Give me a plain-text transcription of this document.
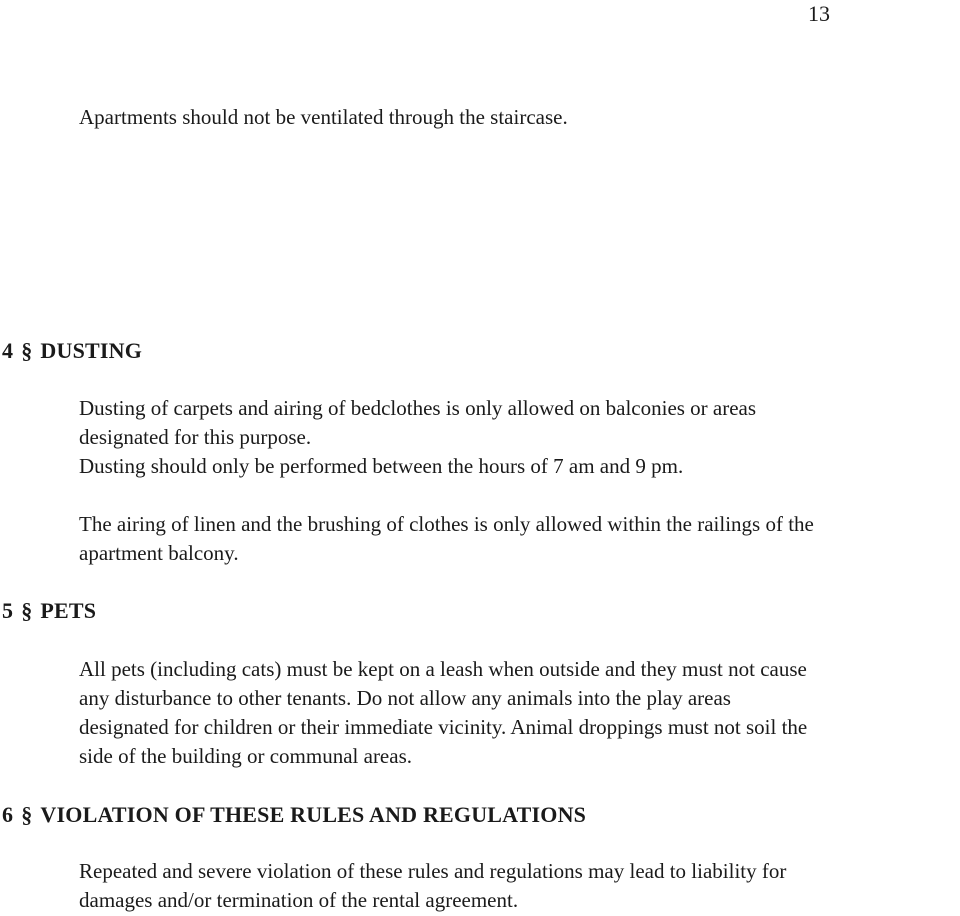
13

Apartments should not be ventilated through the staircase.

4 § DUSTING

Dusting of carpets and airing of bedclothes is only allowed on balconies or areas
designated for this purpose.
Dusting should only be performed between the hours of 7 am and 9 pm.

The airing of linen and the brushing of clothes is only allowed within the railings of the
apartment balcony.

5 § PETS

All pets (including cats) must be kept on a leash when outside and they must not cause
any disturbance to other tenants. Do not allow any animals into the play areas
designated for children or their immediate vicinity. Animal droppings must not soil the
side of the building or communal areas.

6 § VIOLATION OF THESE RULES AND REGULATIONS

Repeated and severe violation of these rules and regulations may lead to liability for
damages and/or termination of the rental agreement.
